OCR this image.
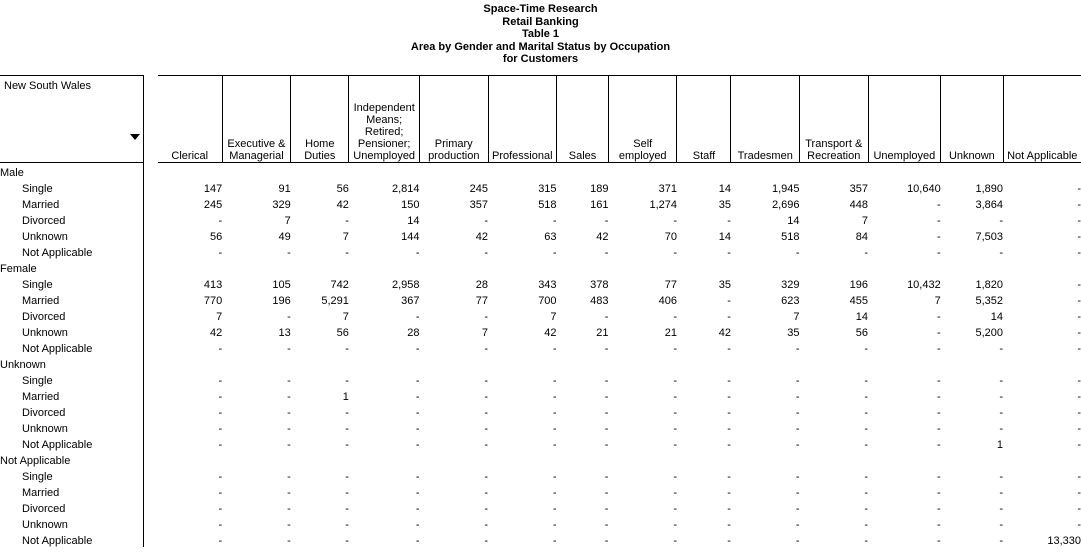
Space-Time Research
Retail Banking
Table 1
Area by Gender and Marital Status by Occupation
for Customers
New South Wales		Clerical	Executive & Managerial	Home Duties	Independent Means; Retired; Pensioner; Unemployed	Primary production	Professional	Sales	Self employed	Staff	Tradesmen	Transport & Recreation	Unemployed	Unknown	Not Applicable
Male															
Single		147	91	56	2,814	245	315	189	371	14	1,945	357	10,640	1,890	-
Married		245	329	42	150	357	518	161	1,274	35	2,696	448	-	3,864	-
Divorced		-	7	-	14	-	-	-	-	-	14	7	-	-	-
Unknown		56	49	7	144	42	63	42	70	14	518	84	-	7,503	-
Not Applicable		-	-	-	-	-	-	-	-	-	-	-	-	-	-
Female															
Single		413	105	742	2,958	28	343	378	77	35	329	196	10,432	1,820	-
Married		770	196	5,291	367	77	700	483	406	-	623	455	7	5,352	-
Divorced		7	-	7	-	-	7	-	-	-	7	14	-	14	-
Unknown		42	13	56	28	7	42	21	21	42	35	56	-	5,200	-
Not Applicable		-	-	-	-	-	-	-	-	-	-	-	-	-	-
Unknown															
Single		-	-	-	-	-	-	-	-	-	-	-	-	-	-
Married		-	-	1	-	-	-	-	-	-	-	-	-	-	-
Divorced		-	-	-	-	-	-	-	-	-	-	-	-	-	-
Unknown		-	-	-	-	-	-	-	-	-	-	-	-	-	-
Not Applicable		-	-	-	-	-	-	-	-	-	-	-	-	1	-
Not Applicable															
Single		-	-	-	-	-	-	-	-	-	-	-	-	-	-
Married		-	-	-	-	-	-	-	-	-	-	-	-	-	-
Divorced		-	-	-	-	-	-	-	-	-	-	-	-	-	-
Unknown		-	-	-	-	-	-	-	-	-	-	-	-	-	-
Not Applicable		-	-	-	-	-	-	-	-	-	-	-	-	-	13,330
